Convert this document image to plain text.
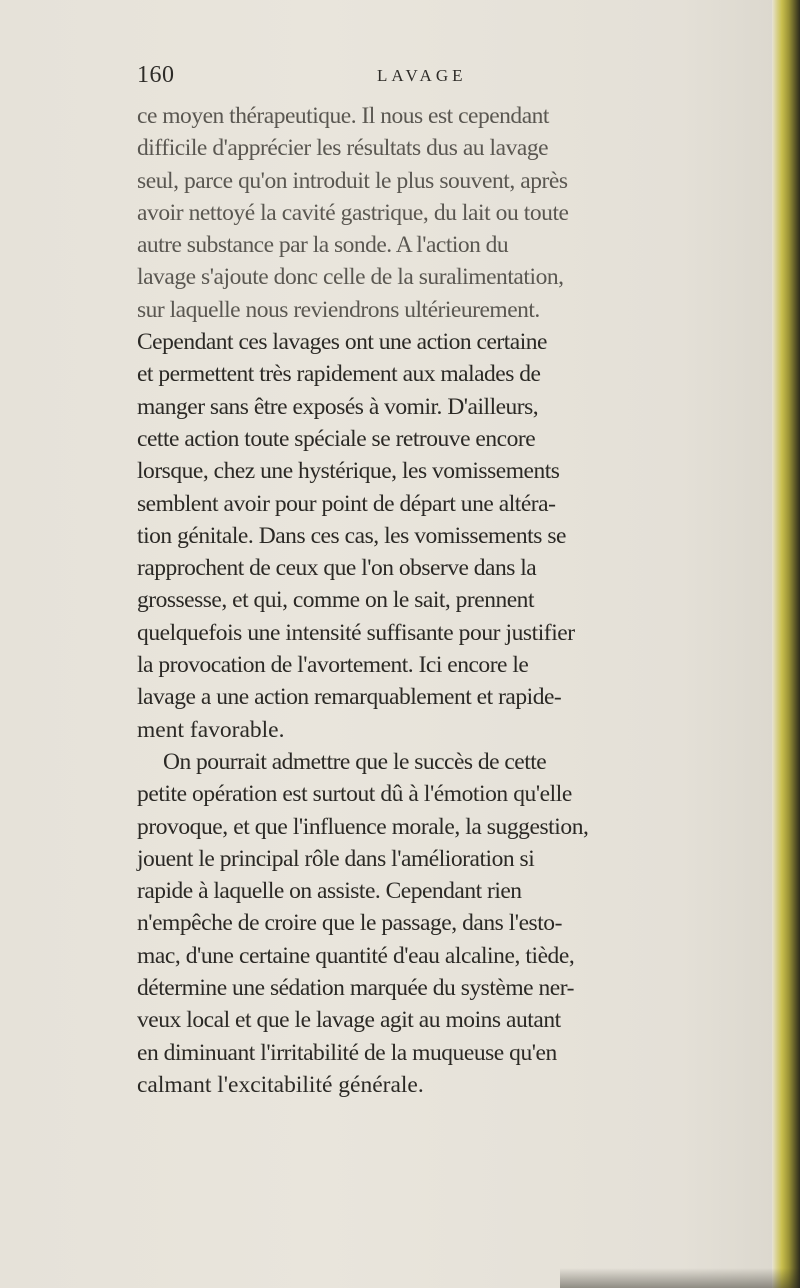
160	LAVAGE
ce moyen thérapeutique. Il nous est cependant
difficile d'apprécier les résultats dus au lavage
seul, parce qu'on introduit le plus souvent, après
avoir nettoyé la cavité gastrique, du lait ou toute
autre substance par la sonde. A l'action du
lavage s'ajoute donc celle de la suralimentation,
sur laquelle nous reviendrons ultérieurement.
Cependant ces lavages ont une action certaine
et permettent très rapidement aux malades de
manger sans être exposés à vomir. D'ailleurs,
cette action toute spéciale se retrouve encore
lorsque, chez une hystérique, les vomissements
semblent avoir pour point de départ une altéra-
tion génitale. Dans ces cas, les vomissements se
rapprochent de ceux que l'on observe dans la
grossesse, et qui, comme on le sait, prennent
quelquefois une intensité suffisante pour justifier
la provocation de l'avortement. Ici encore le
lavage a une action remarquablement et rapide-
ment favorable.
On pourrait admettre que le succès de cette
petite opération est surtout dû à l'émotion qu'elle
provoque, et que l'influence morale, la suggestion,
jouent le principal rôle dans l'amélioration si
rapide à laquelle on assiste. Cependant rien
n'empêche de croire que le passage, dans l'esto-
mac, d'une certaine quantité d'eau alcaline, tiède,
détermine une sédation marquée du système ner-
veux local et que le lavage agit au moins autant
en diminuant l'irritabilité de la muqueuse qu'en
calmant l'excitabilité générale.
